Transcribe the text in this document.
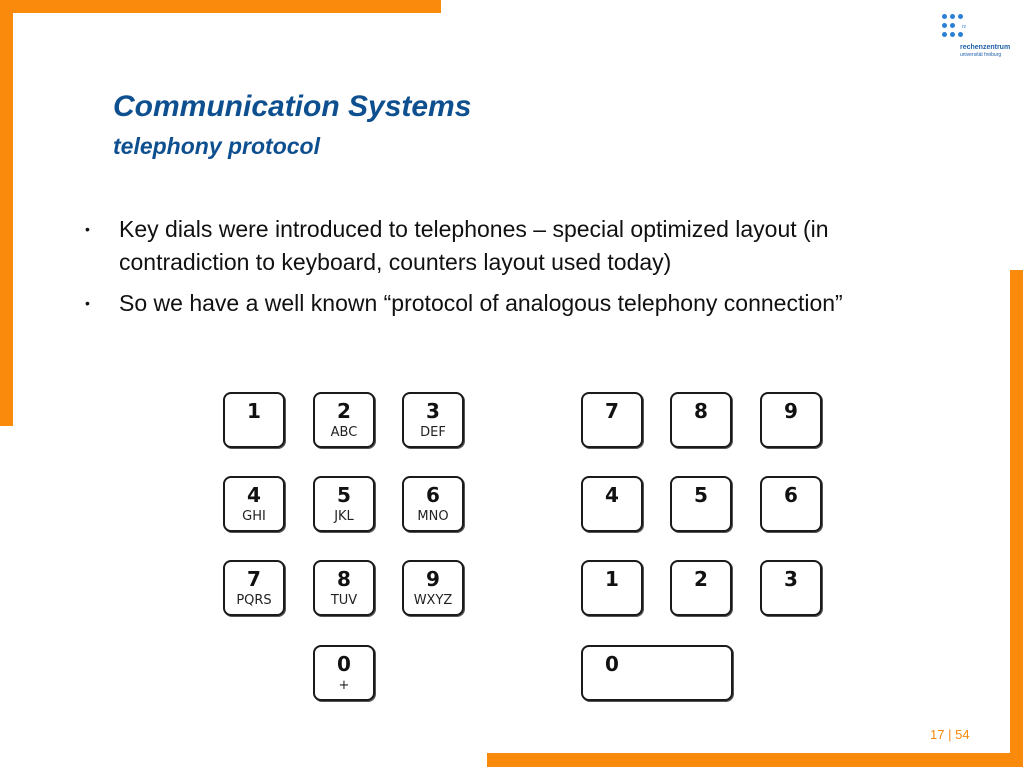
rz
rechenzentrum
universität freiburg
Communication Systems
telephony protocol
• Key dials were introduced to telephones – special optimized layout (in contradiction to keyboard, counters layout used today)
• So we have a well known “protocol of analogous telephony connection”
1	2
ABC
3
DEF
4
GHI
5
JKL
6
MNO
7
PQRS
8
TUV
9
WXYZ
0
+
7	8	9
4	5	6
1	2	3
0
17 | 54
